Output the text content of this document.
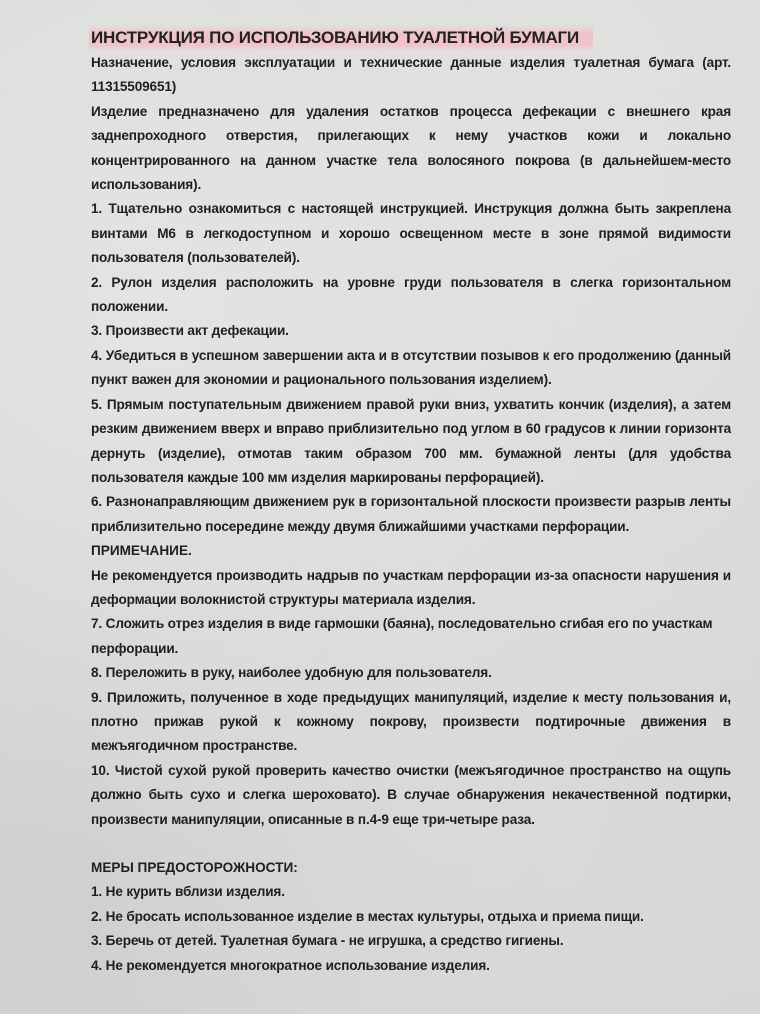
ИНСТРУКЦИЯ ПО ИСПОЛЬЗОВАНИЮ ТУАЛЕТНОЙ БУМАГИ

Назначение, условия эксплуатации и технические данные изделия туалетная бумага (арт. 11315509651)

Изделие предназначено для удаления остатков процесса дефекации с внешнего края заднепроходного отверстия, прилегающих к нему участков кожи и локально концентрированного на данном участке тела волосяного покрова (в дальнейшем-место использования).

1. Тщательно ознакомиться с настоящей инструкцией. Инструкция должна быть закреплена винтами М6 в легкодоступном и хорошо освещенном месте в зоне прямой видимости пользователя (пользователей).

2. Рулон изделия расположить на уровне груди пользователя в слегка горизонтальном положении.

3. Произвести акт дефекации.

4. Убедиться в успешном завершении акта и в отсутствии позывов к его продолжению (данный пункт важен для экономии и рационального пользования изделием).

5. Прямым поступательным движением правой руки вниз, ухватить кончик (изделия), а затем резким движением вверх и вправо приблизительно под углом в 60 градусов к линии горизонта дернуть (изделие), отмотав таким образом 700 мм. бумажной ленты (для удобства пользователя каждые 100 мм изделия маркированы перфорацией).

6. Разнонаправляющим движением рук в горизонтальной плоскости произвести разрыв ленты приблизительно посередине между двумя ближайшими участками перфорации.

ПРИМЕЧАНИЕ.

Не рекомендуется производить надрыв по участкам перфорации из-за опасности нарушения и деформации волокнистой структуры материала изделия.

7. Сложить отрез изделия в виде гармошки (баяна), последовательно сгибая его по участкам перфорации.

8. Переложить в руку, наиболее удобную для пользователя.

9. Приложить, полученное в ходе предыдущих манипуляций, изделие к месту пользования и, плотно прижав рукой к кожному покрову, произвести подтирочные движения в межъягодичном пространстве.

10. Чистой сухой рукой проверить качество очистки (межъягодичное пространство на ощупь должно быть сухо и слегка шероховато). В случае обнаружения некачественной подтирки, произвести манипуляции, описанные в п.4-9 еще три-четыре раза.

МЕРЫ ПРЕДОСТОРОЖНОСТИ:

1. Не курить вблизи изделия.

2. Не бросать использованное изделие в местах культуры, отдыха и приема пищи.

3. Беречь от детей. Туалетная бумага - не игрушка, а средство гигиены.

4. Не рекомендуется многократное использование изделия.
